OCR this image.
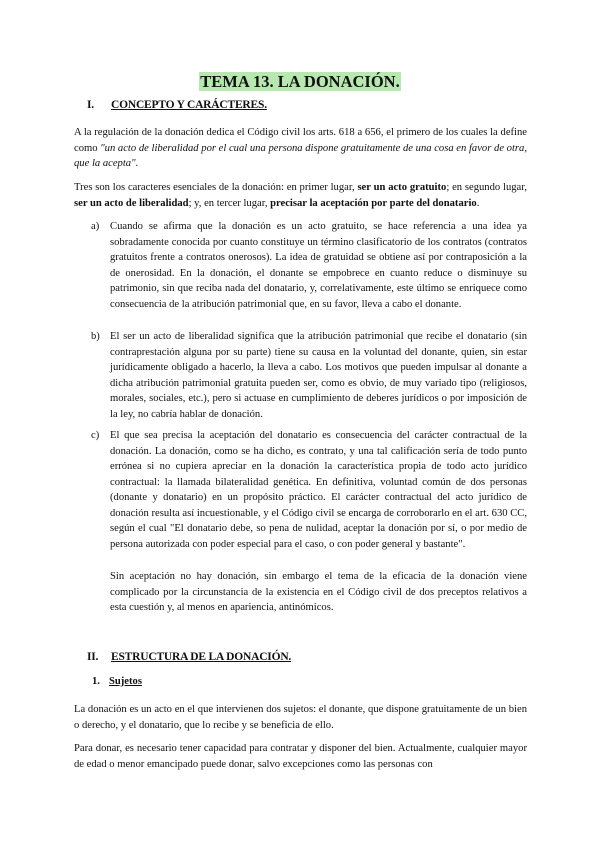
TEMA 13. LA DONACIÓN.
I. CONCEPTO Y CARÁCTERES.
A la regulación de la donación dedica el Código civil los arts. 618 a 656, el primero de los cuales la define como "un acto de liberalidad por el cual una persona dispone gratuitamente de una cosa en favor de otra, que la acepta".
Tres son los caracteres esenciales de la donación: en primer lugar, ser un acto gratuito; en segundo lugar, ser un acto de liberalidad; y, en tercer lugar, precisar la aceptación por parte del donatario.
a) Cuando se afirma que la donación es un acto gratuito, se hace referencia a una idea ya sobradamente conocida por cuanto constituye un término clasificatorio de los contratos (contratos gratuitos frente a contratos onerosos). La idea de gratuidad se obtiene así por contraposición a la de onerosidad. En la donación, el donante se empobrece en cuanto reduce o disminuye su patrimonio, sin que reciba nada del donatario, y, correlativamente, este último se enriquece como consecuencia de la atribución patrimonial que, en su favor, lleva a cabo el donante.
b) El ser un acto de liberalidad significa que la atribución patrimonial que recibe el donatario (sin contraprestación alguna por su parte) tiene su causa en la voluntad del donante, quien, sin estar jurídicamente obligado a hacerlo, la lleva a cabo. Los motivos que pueden impulsar al donante a dicha atribución patrimonial gratuita pueden ser, como es obvio, de muy variado tipo (religiosos, morales, sociales, etc.), pero si actuase en cumplimiento de deberes jurídicos o por imposición de la ley, no cabría hablar de donación.
c) El que sea precisa la aceptación del donatario es consecuencia del carácter contractual de la donación. La donación, como se ha dicho, es contrato, y una tal calificación sería de todo punto errónea si no cupiera apreciar en la donación la característica propia de todo acto jurídico contractual: la llamada bilateralidad genética. En definitiva, voluntad común de dos personas (donante y donatario) en un propósito práctico. El carácter contractual del acto jurídico de donación resulta así incuestionable, y el Código civil se encarga de corroborarlo en el art. 630 CC, según el cual "El donatario debe, so pena de nulidad, aceptar la donación por sí, o por medio de persona autorizada con poder especial para el caso, o con poder general y bastante".
Sin aceptación no hay donación, sin embargo el tema de la eficacia de la donación viene complicado por la circunstancia de la existencia en el Código civil de dos preceptos relativos a esta cuestión y, al menos en apariencia, antinómicos.
II. ESTRUCTURA DE LA DONACIÓN.
1. Sujetos
La donación es un acto en el que intervienen dos sujetos: el donante, que dispone gratuitamente de un bien o derecho, y el donatario, que lo recibe y se beneficia de ello.
Para donar, es necesario tener capacidad para contratar y disponer del bien. Actualmente, cualquier mayor de edad o menor emancipado puede donar, salvo excepciones como las personas con
